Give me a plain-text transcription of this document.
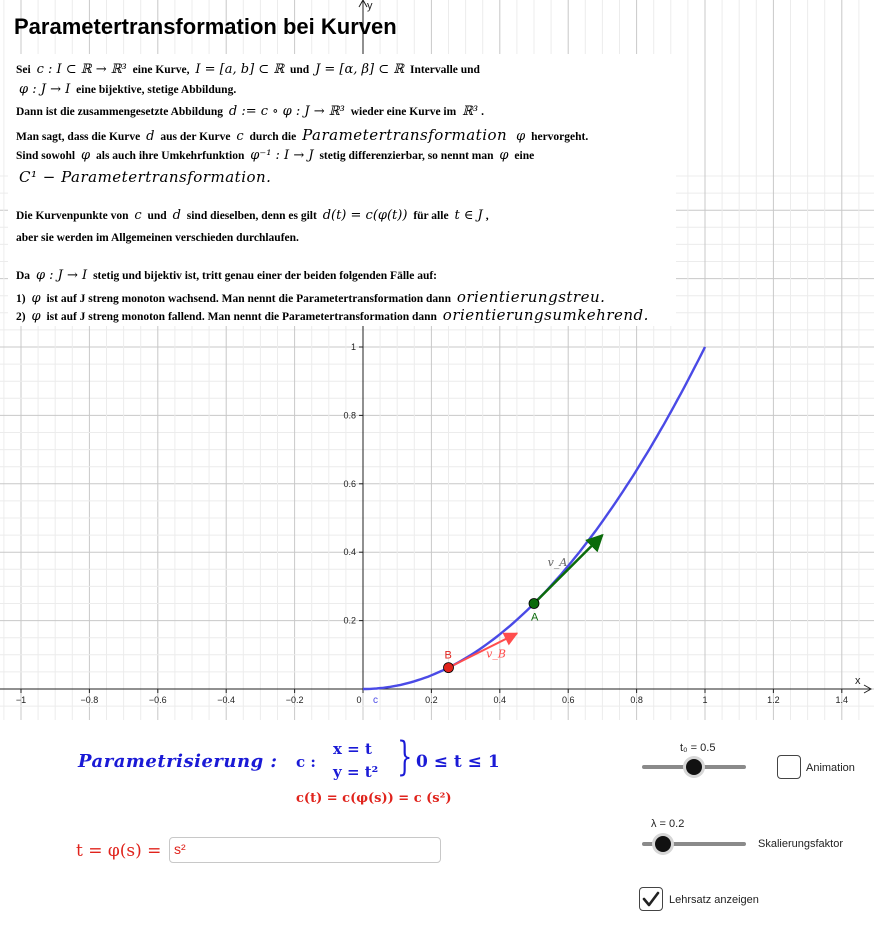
x
y
−1	−0.8	−0.6	−0.4	−0.2	0	0.2	0.4	0.6	0.8	1	1.2	1.4
0.2
0.4
0.6
0.8
1
c
v_A
v_B
A
B
Parametertransformation bei Kurven
Sei c : I ⊂ ℝ → ℝ³ eine Kurve, I = [a, b] ⊂ ℝ und J = [α, β] ⊂ ℝ Intervalle und
φ : J → I eine bijektive, stetige Abbildung.
Dann ist die zusammengesetzte Abbildung d := c ∘ φ : J → ℝ³ wieder eine Kurve im ℝ³ .
Man sagt, dass die Kurve d aus der Kurve c durch die Parametertransformation φ hervorgeht.
Sind sowohl φ als auch ihre Umkehrfunktion φ⁻¹ : I → J stetig differenzierbar, so nennt man φ eine
C¹ − Parametertransformation.
Die Kurvenpunkte von c und d sind dieselben, denn es gilt d(t) = c(φ(t)) für alle t ∈ J ,
aber sie werden im Allgemeinen verschieden durchlaufen.
Da φ : J → I stetig und bijektiv ist, tritt genau einer der beiden folgenden Fälle auf:
1) φ ist auf J streng monoton wachsend. Man nennt die Parametertransformation dann orientierungstreu.
2) φ ist auf J streng monoton fallend. Man nennt die Parametertransformation dann orientierungsumkehrend.
Parametrisierung : c :
x = t
y = t² } 0 ≤ t ≤ 1
c(t) = c(φ(s)) = c (s²)
t = φ(s) = s²
t₀ = 0.5
Animation
λ = 0.2
Skalierungsfaktor
Lehrsatz anzeigen
